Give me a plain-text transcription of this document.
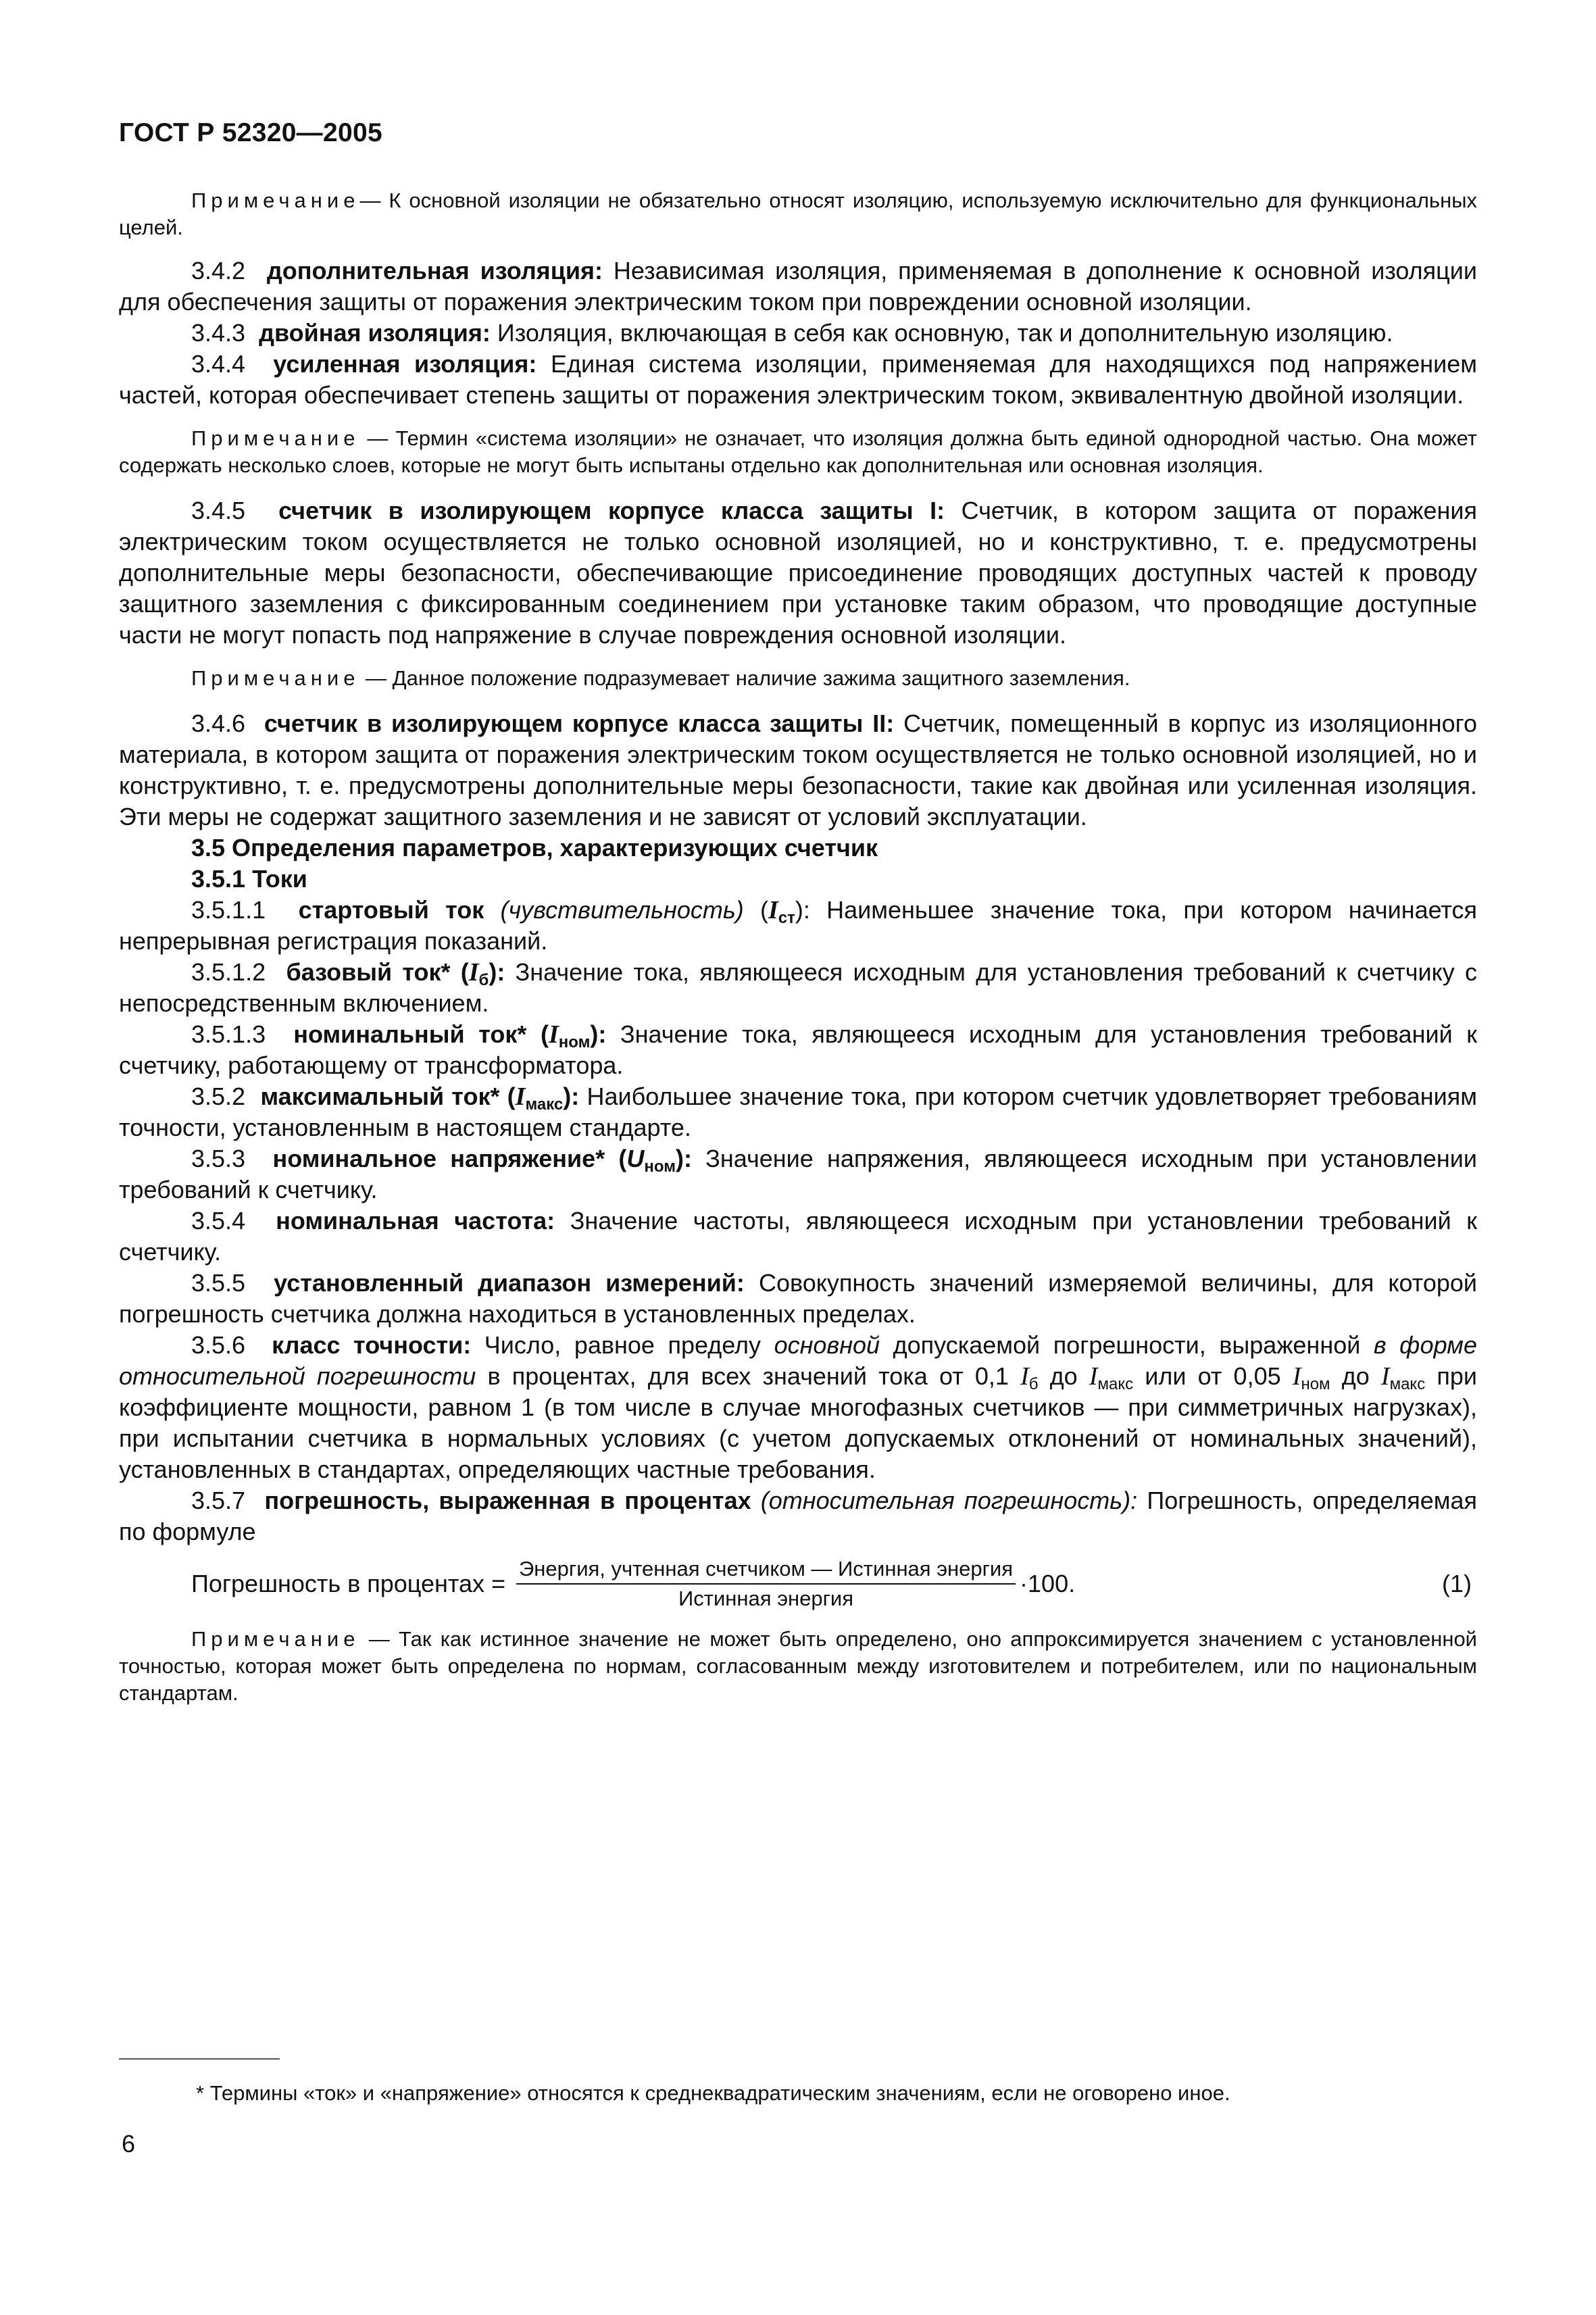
ГОСТ Р 52320—2005

Примечание— К основной изоляции не обязательно относят изоляцию, используемую исключительно для функциональных целей.

3.4.2 дополнительная изоляция: Независимая изоляция, применяемая в дополнение к основной изоляции для обеспечения защиты от поражения электрическим током при повреждении основной изоляции.

3.4.3 двойная изоляция: Изоляция, включающая в себя как основную, так и дополнительную изоляцию.

3.4.4 усиленная изоляция: Единая система изоляции, применяемая для находящихся под напряжением частей, которая обеспечивает степень защиты от поражения электрическим током, эквивалентную двойной изоляции.

Примечание — Термин «система изоляции» не означает, что изоляция должна быть единой однородной частью. Она может содержать несколько слоев, которые не могут быть испытаны отдельно как дополнительная или основная изоляция.

3.4.5 счетчик в изолирующем корпусе класса защиты I: Счетчик, в котором защита от поражения электрическим током осуществляется не только основной изоляцией, но и конструктивно, т. е. предусмотрены дополнительные меры безопасности, обеспечивающие присоединение проводящих доступных частей к проводу защитного заземления с фиксированным соединением при установке таким образом, что проводящие доступные части не могут попасть под напряжение в случае повреждения основной изоляции.

Примечание — Данное положение подразумевает наличие зажима защитного заземления.

3.4.6 счетчик в изолирующем корпусе класса защиты II: Счетчик, помещенный в корпус из изоляционного материала, в котором защита от поражения электрическим током осуществляется не только основной изоляцией, но и конструктивно, т. е. предусмотрены дополнительные меры безопасности, такие как двойная или усиленная изоляция. Эти меры не содержат защитного заземления и не зависят от условий эксплуатации.

3.5 Определения параметров, характеризующих счетчик

3.5.1 Токи

3.5.1.1 стартовый ток (чувствительность) $(I_{ст})$: Наименьшее значение тока, при котором начинается непрерывная регистрация показаний.

3.5.1.2 базовый ток* $(I_б)$: Значение тока, являющееся исходным для установления требований к счетчику с непосредственным включением.

3.5.1.3 номинальный ток* $(I_{ном})$: Значение тока, являющееся исходным для установления требований к счетчику, работающему от трансформатора.

3.5.2 максимальный ток* $(I_{макс})$: Наибольшее значение тока, при котором счетчик удовлетворяет требованиям точности, установленным в настоящем стандарте.

3.5.3 номинальное напряжение* $(U_{ном})$: Значение напряжения, являющееся исходным при установлении требований к счетчику.

3.5.4 номинальная частота: Значение частоты, являющееся исходным при установлении требований к счетчику.

3.5.5 установленный диапазон измерений: Совокупность значений измеряемой величины, для которой погрешность счетчика должна находиться в установленных пределах.

3.5.6 класс точности: Число, равное пределу основной допускаемой погрешности, выраженной в форме относительной погрешности в процентах, для всех значений тока от 0,1 $I_б$ до $I_{макс}$ или от 0,05 $I_{ном}$ до $I_{макс}$ при коэффициенте мощности, равном 1 (в том числе в случае многофазных счетчиков — при симметричных нагрузках), при испытании счетчика в нормальных условиях (с учетом допускаемых отклонений от номинальных значений), установленных в стандартах, определяющих частные требования.

3.5.7 погрешность, выраженная в процентах (относительная погрешность): Погрешность, определяемая по формуле

Погрешность в процентах = $\frac{\text{Энергия, учтенная счетчиком — Истинная энергия}}{\text{Истинная энергия}} \cdot 100$.	(1)

Примечание — Так как истинное значение не может быть определено, оно аппроксимируется значением с установленной точностью, которая может быть определена по нормам, согласованным между изготовителем и потребителем, или по национальным стандартам.

* Термины «ток» и «напряжение» относятся к среднеквадратическим значениям, если не оговорено иное.
6
